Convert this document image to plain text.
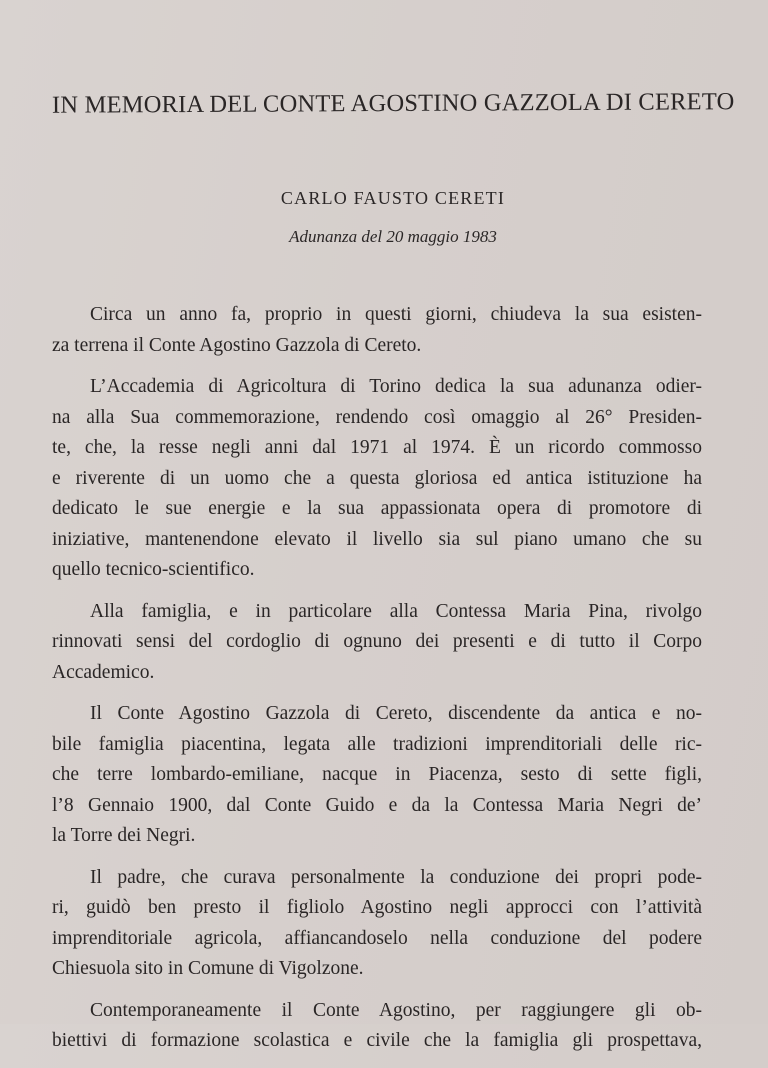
IN MEMORIA DEL CONTE AGOSTINO GAZZOLA DI CERETO
CARLO FAUSTO CERETI
Adunanza del 20 maggio 1983
Circa un anno fa, proprio in questi giorni, chiudeva la sua esisten-
za terrena il Conte Agostino Gazzola di Cereto.
L’Accademia di Agricoltura di Torino dedica la sua adunanza odier-
na alla Sua commemorazione, rendendo così omaggio al 26° Presiden-
te, che, la resse negli anni dal 1971 al 1974. È un ricordo commosso
e riverente di un uomo che a questa gloriosa ed antica istituzione ha
dedicato le sue energie e la sua appassionata opera di promotore di
iniziative, mantenendone elevato il livello sia sul piano umano che su
quello tecnico-scientifico.
Alla famiglia, e in particolare alla Contessa Maria Pina, rivolgo
rinnovati sensi del cordoglio di ognuno dei presenti e di tutto il Corpo
Accademico.
Il Conte Agostino Gazzola di Cereto, discendente da antica e no-
bile famiglia piacentina, legata alle tradizioni imprenditoriali delle ric-
che terre lombardo-emiliane, nacque in Piacenza, sesto di sette figli,
l’8 Gennaio 1900, dal Conte Guido e da la Contessa Maria Negri de’
la Torre dei Negri.
Il padre, che curava personalmente la conduzione dei propri pode-
ri, guidò ben presto il figliolo Agostino negli approcci con l’attività
imprenditoriale agricola, affiancandoselo nella conduzione del podere
Chiesuola sito in Comune di Vigolzone.
Contemporaneamente il Conte Agostino, per raggiungere gli ob-
biettivi di formazione scolastica e civile che la famiglia gli prospettava,
